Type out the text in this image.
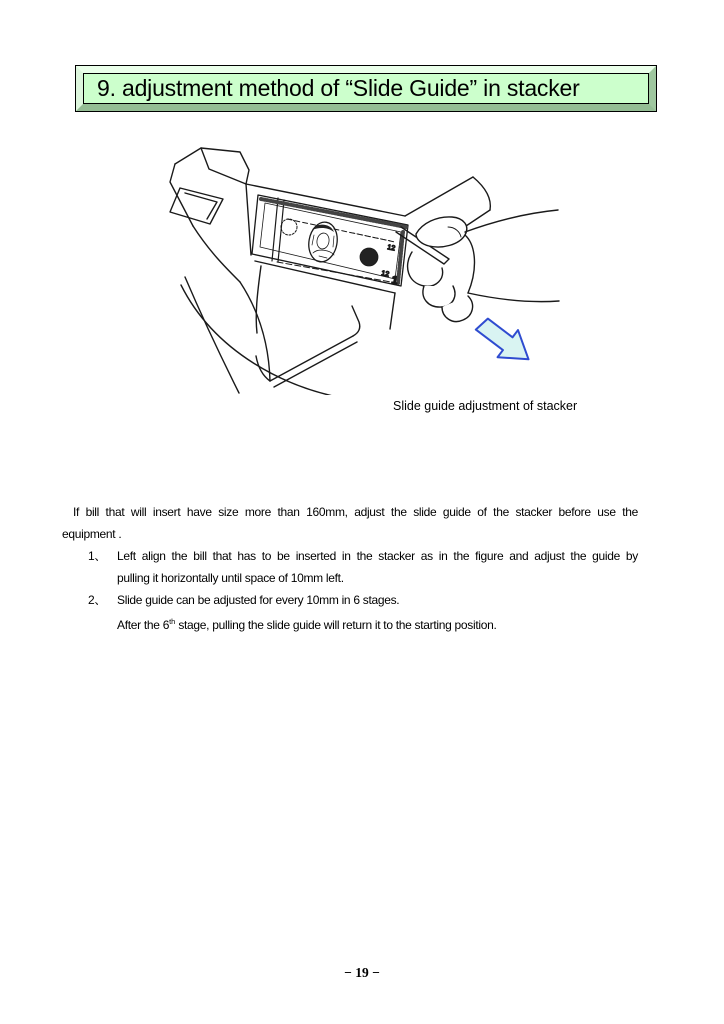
9. adjustment method of “Slide Guide” in stacker
12
12 1
Slide guide adjustment of stacker
If bill that will insert have size more than 160mm, adjust the slide guide of the stacker before use the
equipment .
1、 Left align the bill that has to be inserted in the stacker as in the figure and adjust the guide by
pulling it horizontally until space of 10mm left.
2、 Slide guide can be adjusted for every 10mm in 6 stages.
After the 6th stage, pulling the slide guide will return it to the starting position.
− 19 −
